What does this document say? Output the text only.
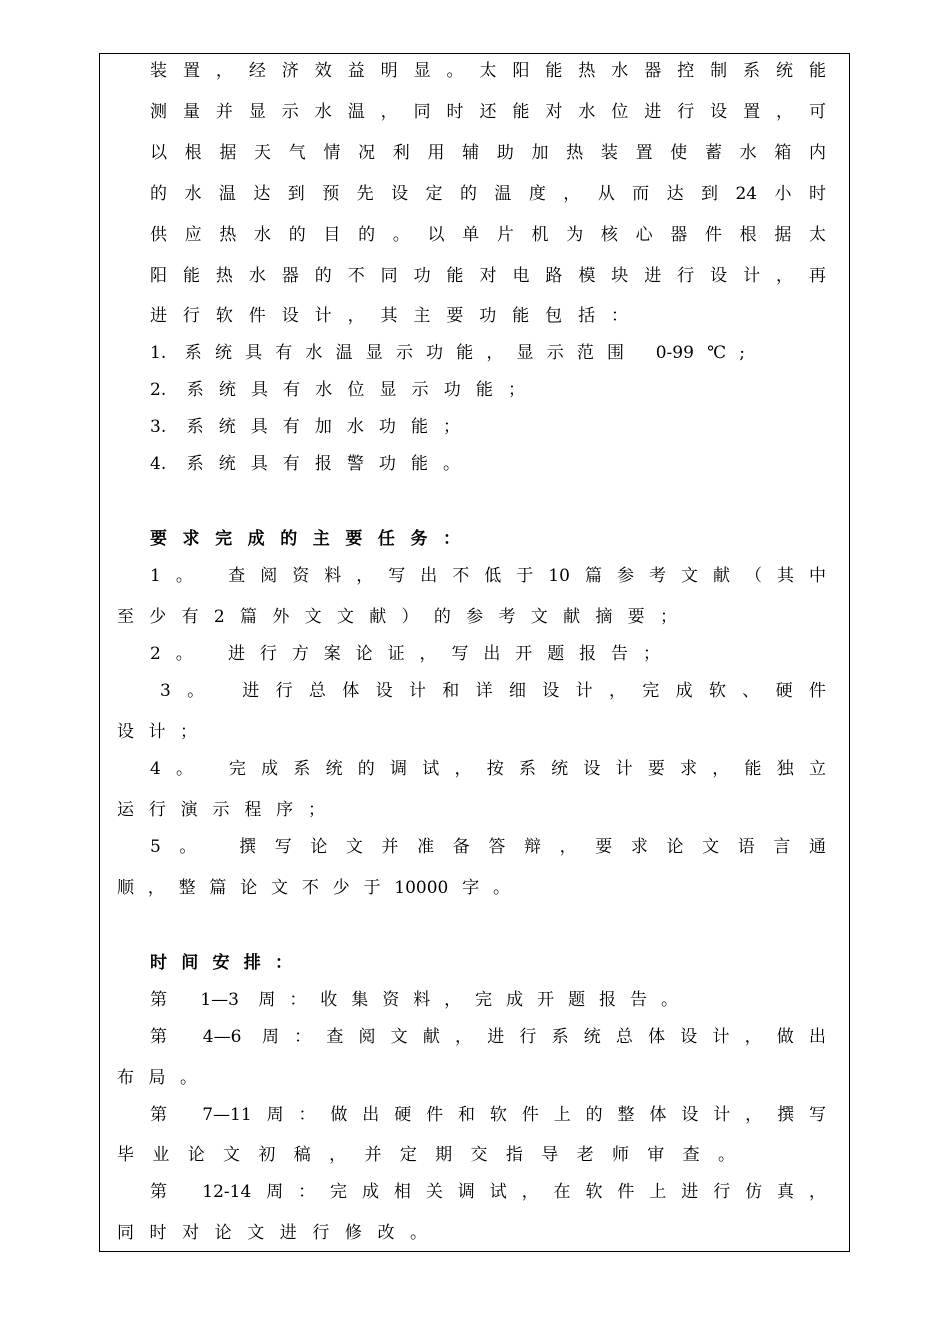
装置，经济效益明显。太阳能热水器控制系统能
测量并显示水温，同时还能对水位进行设置，可
以根据天气情况利用辅助加热装置使蓄水箱内
的水温达到预先设定的温度，从而达到24小时
供应热水的目的。以单片机为核心器件根据太
阳能热水器的不同功能对电路模块进行设计，再
进行软件设计，其主要功能包括：
1. 系统具有水温显示功能，显示范围 0-99℃;
2. 系统具有水位显示功能；
3. 系统具有加水功能；
4. 系统具有报警功能。
要求完成的主要任务：
1。 查阅资料，写出不低于10篇参考文献（其中
至少有2篇外文文献）的参考文献摘要；
2。 进行方案论证，写出开题报告；
3。 进行总体设计和详细设计，完成软、硬件
设计；
4。 完成系统的调试，按系统设计要求，能独立
运行演示程序；
5。 撰写论文并准备答辩，要求论文语言通
顺，整篇论文不少于10000字。
时间安排：
第 1—3 周：收集资料，完成开题报告。
第 4—6 周：查阅文献，进行系统总体设计，做出
布局。
第 7—11周：做出硬件和软件上的整体设计，撰写
毕业论文初稿，并定期交指导老师审查。
第 12-14周：完成相关调试，在软件上进行仿真，
同时对论文进行修改。
